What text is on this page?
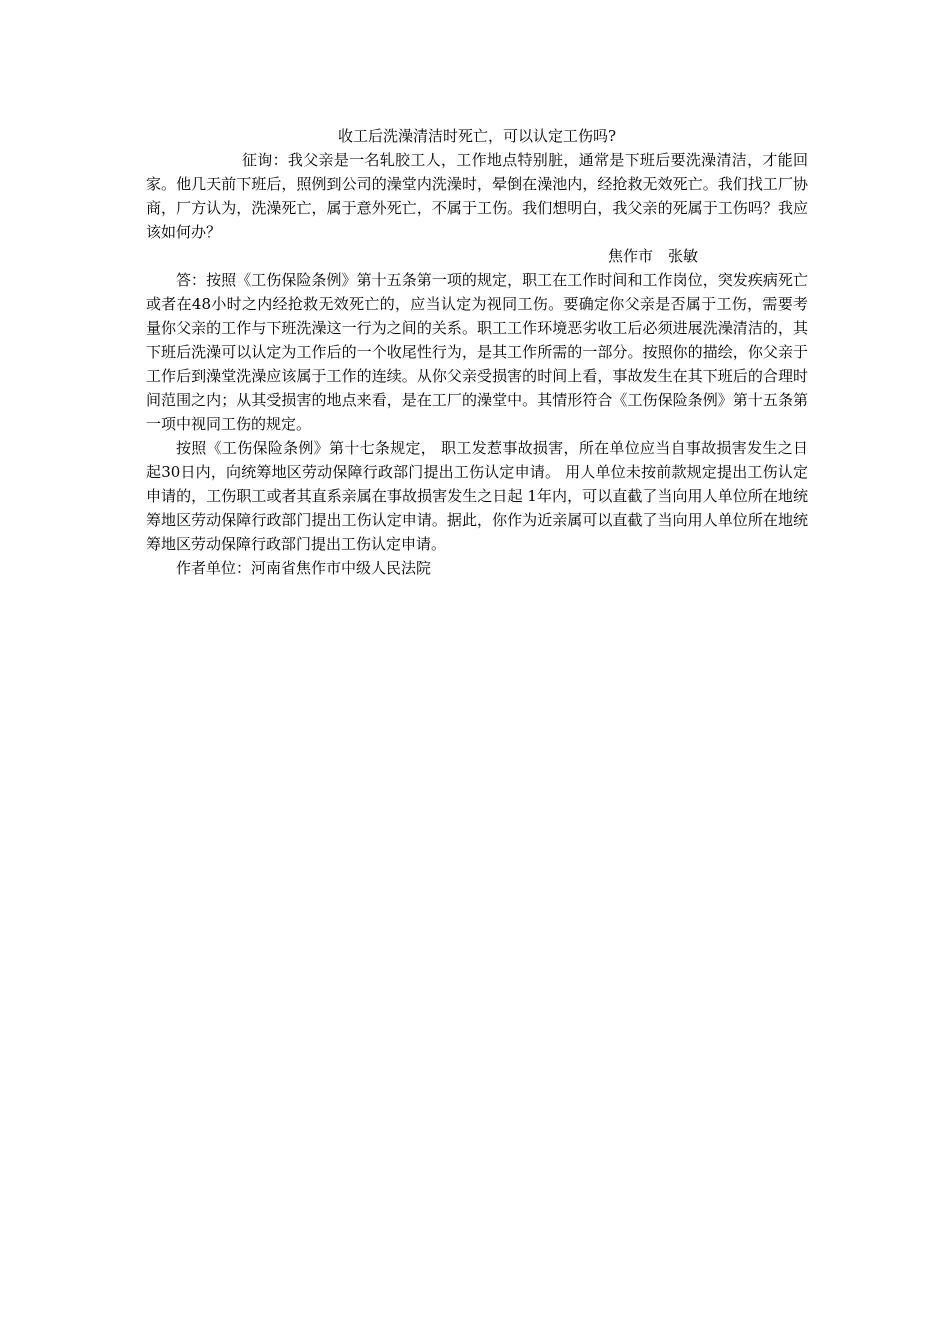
收工后洗澡清洁时死亡，可以认定工伤吗?

征询：我父亲是一名轧胶工人，工作地点特别脏，通常是下班后要洗澡清洁，才能回家。他几天前下班后，照例到公司的澡堂内洗澡时，晕倒在澡池内，经抢救无效死亡。我们找工厂协商，厂方认为，洗澡死亡，属于意外死亡，不属于工伤。我们想明白，我父亲的死属于工伤吗？我应该如何办？

焦作市　张敏

答：按照《工伤保险条例》第十五条第一项的规定，职工在工作时间和工作岗位，突发疾病死亡或者在48小时之内经抢救无效死亡的，应当认定为视同工伤。要确定你父亲是否属于工伤，需要考量你父亲的工作与下班洗澡这一行为之间的关系。职工工作环境恶劣收工后必须进展洗澡清洁的，其下班后洗澡可以认定为工作后的一个收尾性行为，是其工作所需的一部分。按照你的描绘，你父亲于工作后到澡堂洗澡应该属于工作的连续。从你父亲受损害的时间上看，事故发生在其下班后的合理时间范围之内；从其受损害的地点来看，是在工厂的澡堂中。其情形符合《工伤保险条例》第十五条第一项中视同工伤的规定。

按照《工伤保险条例》第十七条规定， 职工发惹事故损害，所在单位应当自事故损害发生之日起30日内，向统筹地区劳动保障行政部门提出工伤认定申请。 用人单位未按前款规定提出工伤认定申请的，工伤职工或者其直系亲属在事故损害发生之日起 1年内，可以直截了当向用人单位所在地统筹地区劳动保障行政部门提出工伤认定申请。据此，你作为近亲属可以直截了当向用人单位所在地统筹地区劳动保障行政部门提出工伤认定申请。

作者单位：河南省焦作市中级人民法院
